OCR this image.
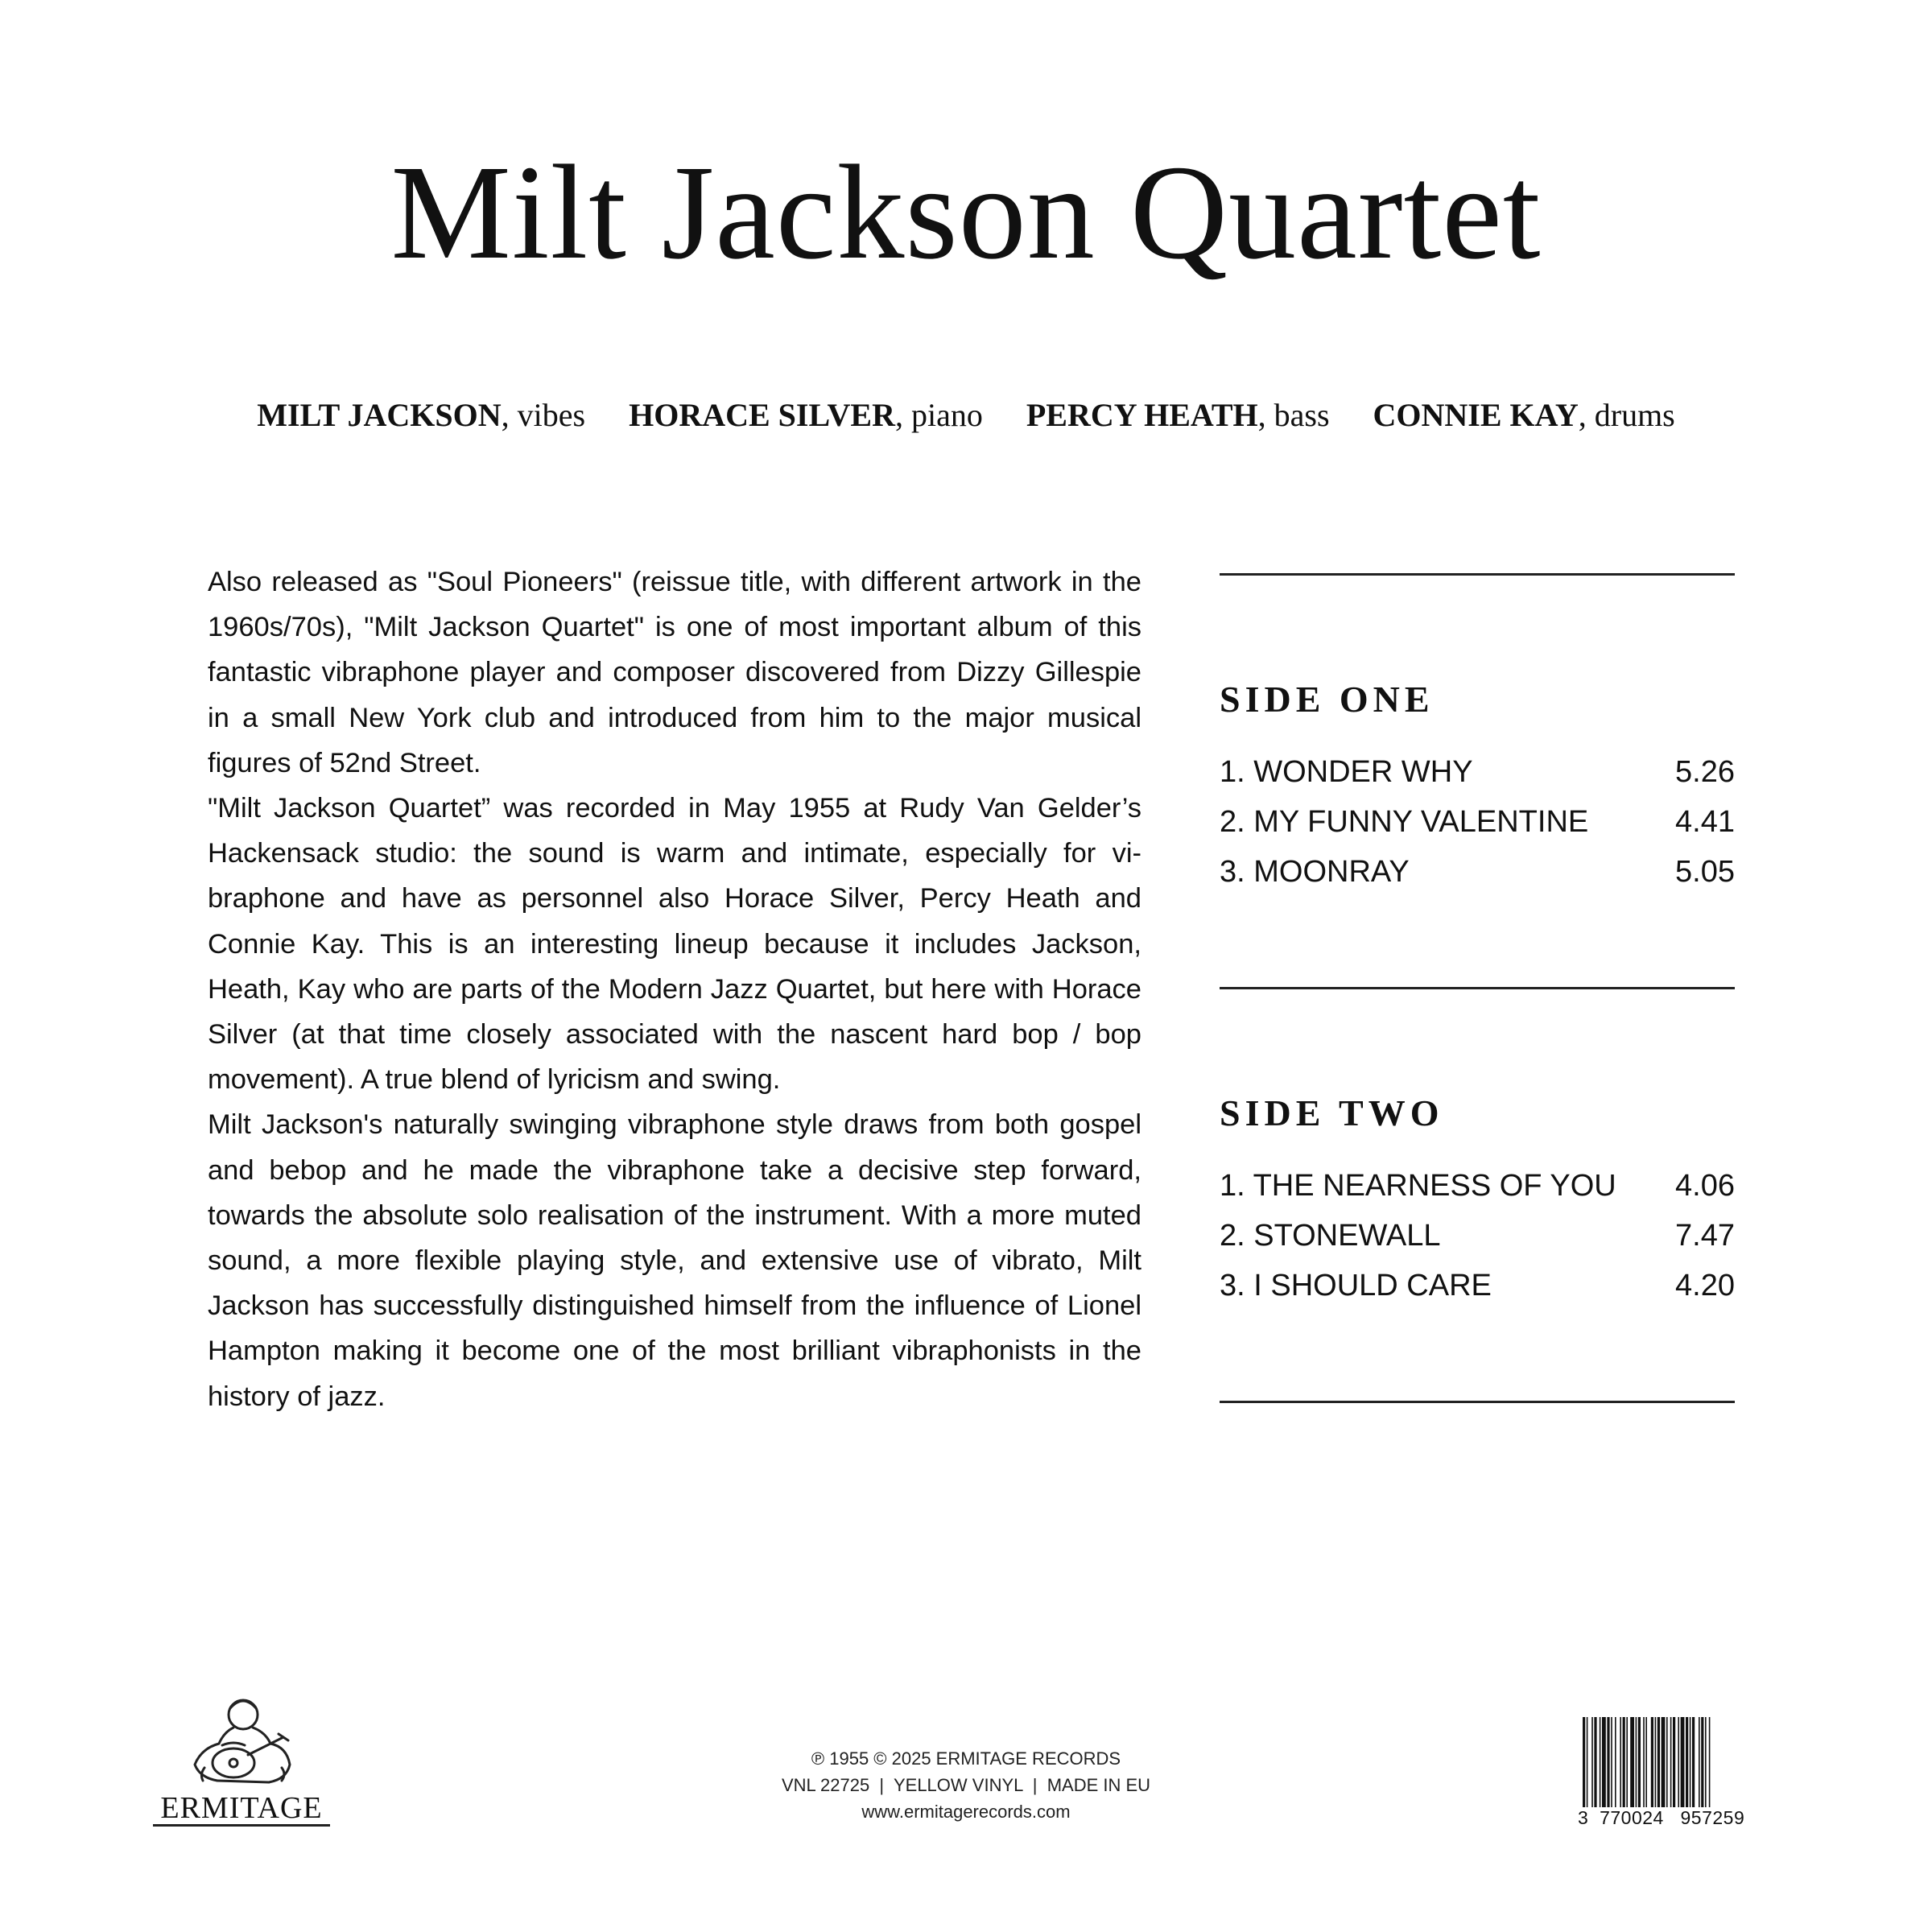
Milt Jackson Quartet
MILT JACKSON, vibes HORACE SILVER, piano PERCY HEATH, bass CONNIE KAY, drums

Also released as "Soul Pioneers" (reissue title, with different artwork in the 1960s/70s), "Milt Jackson Quartet" is one of most important album of this fantastic vibraphone player and composer discovered from Dizzy Gillespie in a small New York club and introduced from him to the major musical figures of 52nd Street.

"Milt Jackson Quartet” was recorded in May 1955 at Rudy Van Gelder’s Hackensack studio: the sound is warm and intimate, especially for vibraphone and have as personnel also Horace Silver, Percy Heath and Connie Kay. This is an interesting lineup because it includes Jackson, Heath, Kay who are parts of the Modern Jazz Quartet, but here with Horace Silver (at that time closely associated with the nascent hard bop / bop movement). A true blend of lyricism and swing.

Milt Jackson's naturally swinging vibraphone style draws from both gospel and bebop and he made the vibraphone take a decisive step forward, towards the absolute solo realisation of the instrument. With a more muted sound, a more flexible playing style, and extensive use of vibrato, Milt Jackson has successfully distinguished himself from the influence of Lionel Hampton making it become one of the most brilliant vibraphonists in the history of jazz.

SIDE ONE
1. WONDER WHY	5.26
2. MY FUNNY VALENTINE	4.41
3. MOONRAY	5.05
SIDE TWO
1. THE NEARNESS OF YOU 4.06
2. STONEWALL	7.47
3. I SHOULD CARE	4.20
ERMITAGE
℗ 1955 © 2025 ERMITAGE RECORDS
VNL 22725  |  YELLOW VINYL  |  MADE IN EU
www.ermitagerecords.com	3  770024   957259
